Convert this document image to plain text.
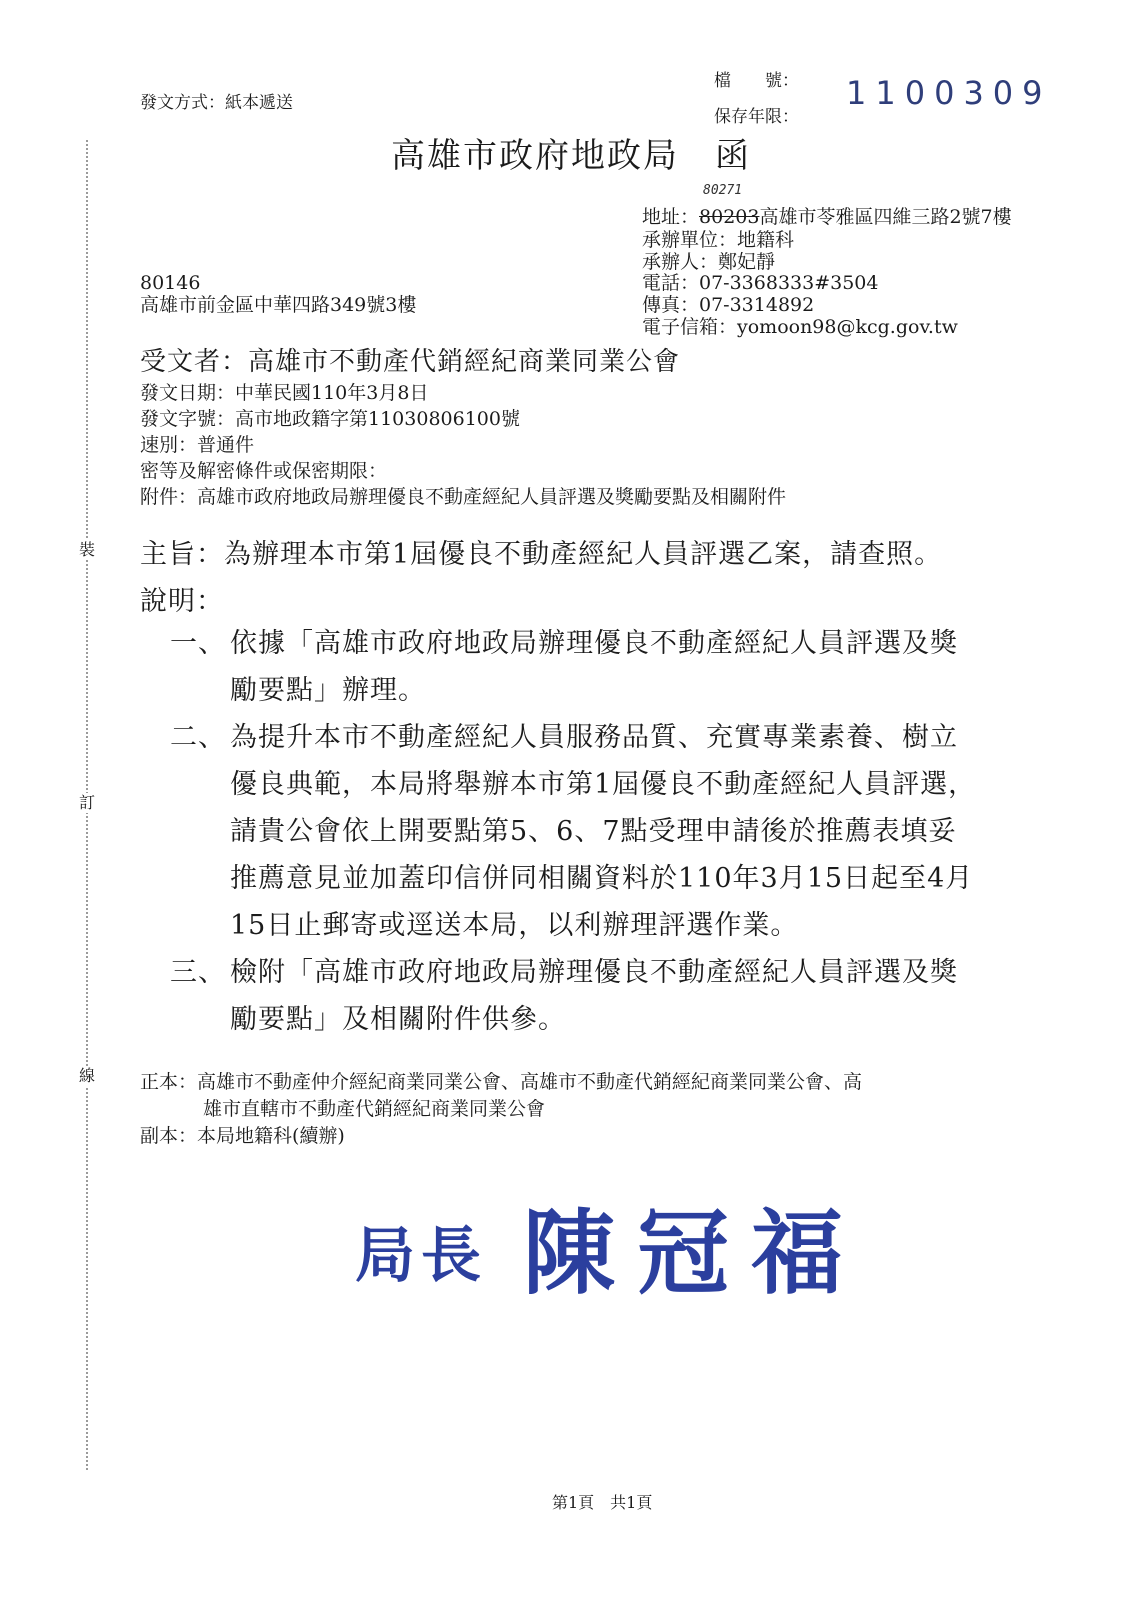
裝
訂
線
發文方式：紙本遞送
檔　　號：
保存年限：
1100309
高雄市政府地政局 函
80271
地址：80203高雄市苓雅區四維三路2號7樓
承辦單位：地籍科
承辦人：鄭妃靜
電話：07-3368333#3504
傳真：07-3314892
電子信箱：yomoon98@kcg.gov.tw
80146
高雄市前金區中華四路349號3樓
受文者：高雄市不動產代銷經紀商業同業公會
發文日期：中華民國110年3月8日
發文字號：高市地政籍字第11030806100號
速別：普通件
密等及解密條件或保密期限：
附件：高雄市政府地政局辦理優良不動產經紀人員評選及獎勵要點及相關附件
主旨：為辦理本市第1屆優良不動產經紀人員評選乙案，請查照。
說明：
一、 依據「高雄市政府地政局辦理優良不動產經紀人員評選及獎
勵要點」辦理。
二、 為提升本市不動產經紀人員服務品質、充實專業素養、樹立
優良典範，本局將舉辦本市第1屆優良不動產經紀人員評選，
請貴公會依上開要點第5、6、7點受理申請後於推薦表填妥
推薦意見並加蓋印信併同相關資料於110年3月15日起至4月
15日止郵寄或逕送本局，以利辦理評選作業。
三、 檢附「高雄市政府地政局辦理優良不動產經紀人員評選及獎
勵要點」及相關附件供參。
正本：高雄市不動產仲介經紀商業同業公會、高雄市不動產代銷經紀商業同業公會、高
雄市直轄市不動產代銷經紀商業同業公會
副本：本局地籍科(續辦)
局長 陳冠福
第1頁　共1頁
